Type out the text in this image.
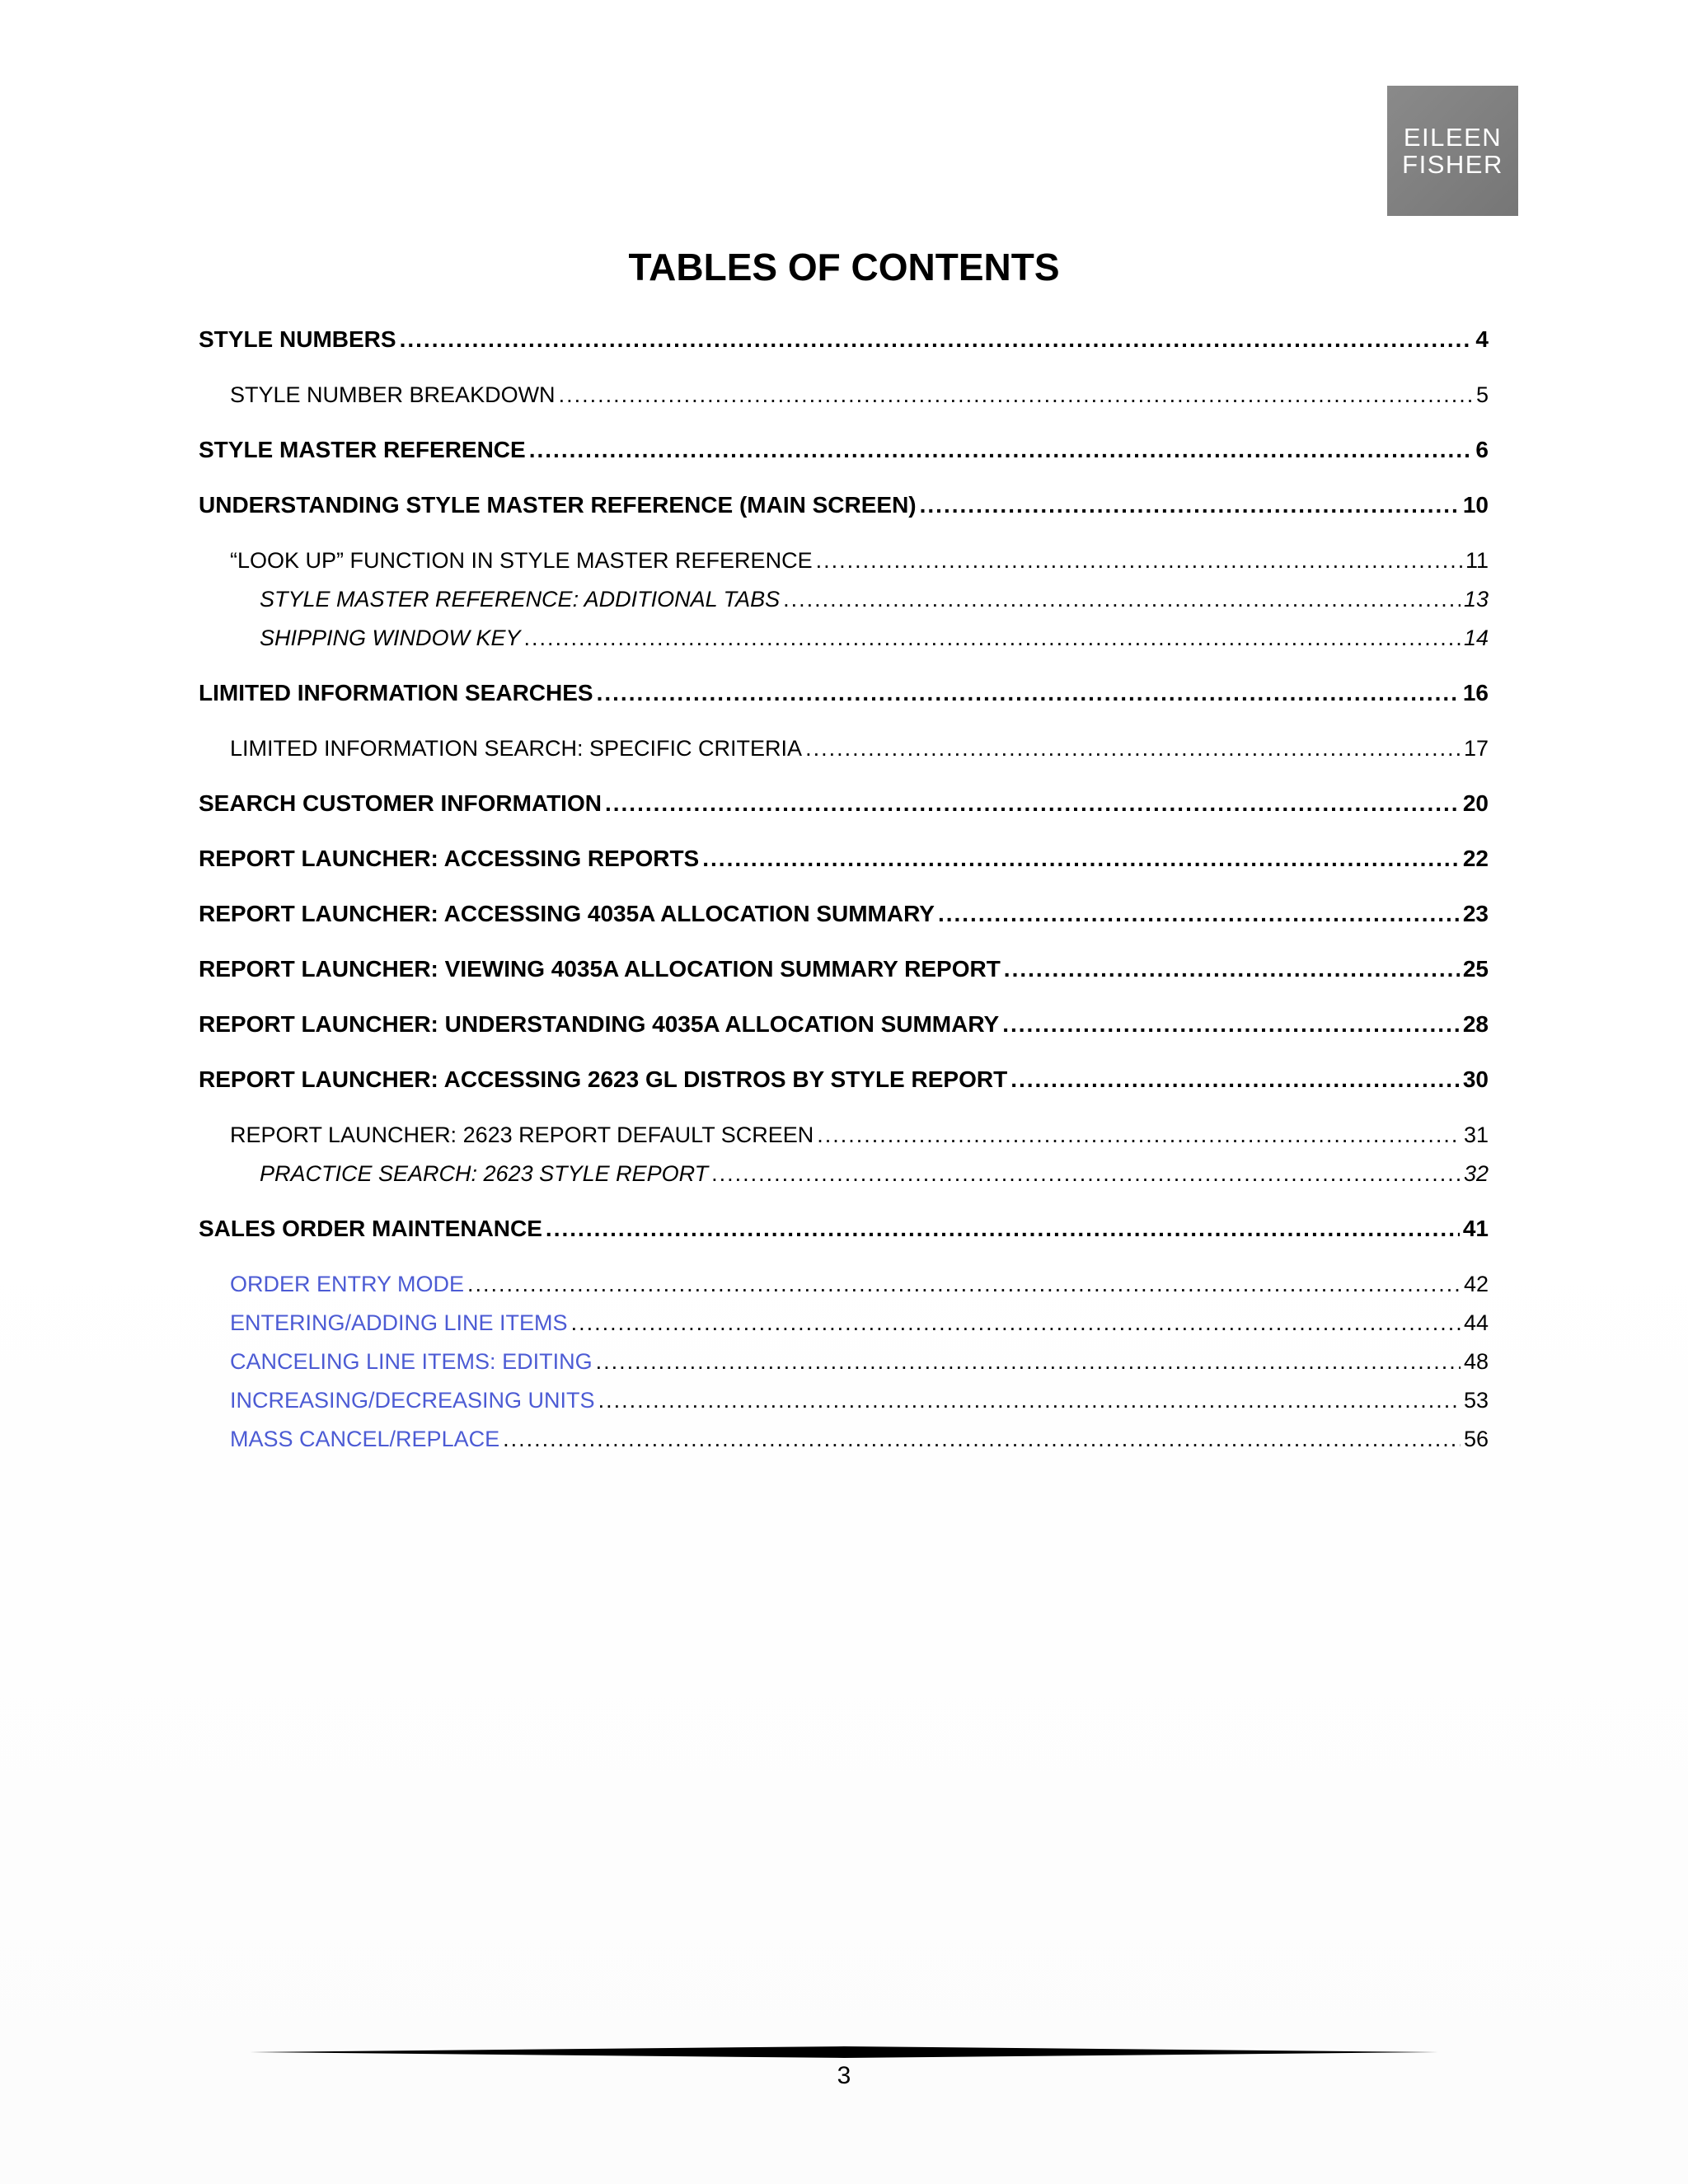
EILEEN
FISHER
TABLES OF CONTENTS
STYLE NUMBERS .....	4
STYLE NUMBER BREAKDOWN .....	5
STYLE MASTER REFERENCE .....	6
UNDERSTANDING STYLE MASTER REFERENCE (MAIN SCREEN) .....	10
“LOOK UP” FUNCTION IN STYLE MASTER REFERENCE .....	11
STYLE MASTER REFERENCE: ADDITIONAL TABS .....	13
SHIPPING WINDOW KEY .....	14
LIMITED INFORMATION SEARCHES .....	16
LIMITED INFORMATION SEARCH: SPECIFIC CRITERIA .....	17
SEARCH CUSTOMER INFORMATION .....	20
REPORT LAUNCHER: ACCESSING REPORTS .....	22
REPORT LAUNCHER: ACCESSING 4035A ALLOCATION SUMMARY .....	23
REPORT LAUNCHER: VIEWING 4035A ALLOCATION SUMMARY REPORT .....	25
REPORT LAUNCHER: UNDERSTANDING 4035A ALLOCATION SUMMARY .....	28
REPORT LAUNCHER: ACCESSING 2623 GL DISTROS BY STYLE REPORT .....	30
REPORT LAUNCHER: 2623 REPORT DEFAULT SCREEN .....	31
PRACTICE SEARCH: 2623 STYLE REPORT .....	32
SALES ORDER MAINTENANCE .....	41
ORDER ENTRY MODE .....	42
ENTERING/ADDING LINE ITEMS .....	44
CANCELING LINE ITEMS: EDITING .....	48
INCREASING/DECREASING UNITS .....	53
MASS CANCEL/REPLACE .....	56
3
